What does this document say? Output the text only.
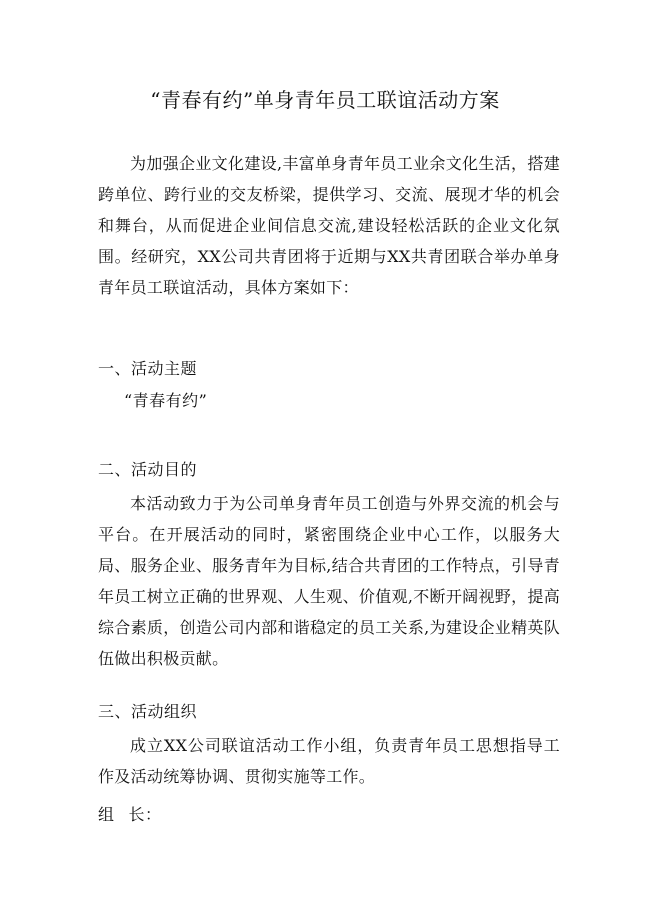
“青春有约”单身青年员工联谊活动方案

为加强企业文化建设,丰富单身青年员工业余文化生活，搭建跨单位、跨行业的交友桥梁，提供学习、交流、展现才华的机会和舞台，从而促进企业间信息交流,建设轻松活跃的企业文化氛围。经研究，XX公司共青团将于近期与XX共青团联合举办单身青年员工联谊活动，具体方案如下：

一、活动主题
“青春有约”
二、活动目的

本活动致力于为公司单身青年员工创造与外界交流的机会与平台。在开展活动的同时，紧密围绕企业中心工作，以服务大局、服务企业、服务青年为目标,结合共青团的工作特点，引导青年员工树立正确的世界观、人生观、价值观,不断开阔视野，提高综合素质，创造公司内部和谐稳定的员工关系,为建设企业精英队伍做出积极贡献。

三、活动组织

成立XX公司联谊活动工作小组，负责青年员工思想指导工作及活动统筹协调、贯彻实施等工作。

组 长：
